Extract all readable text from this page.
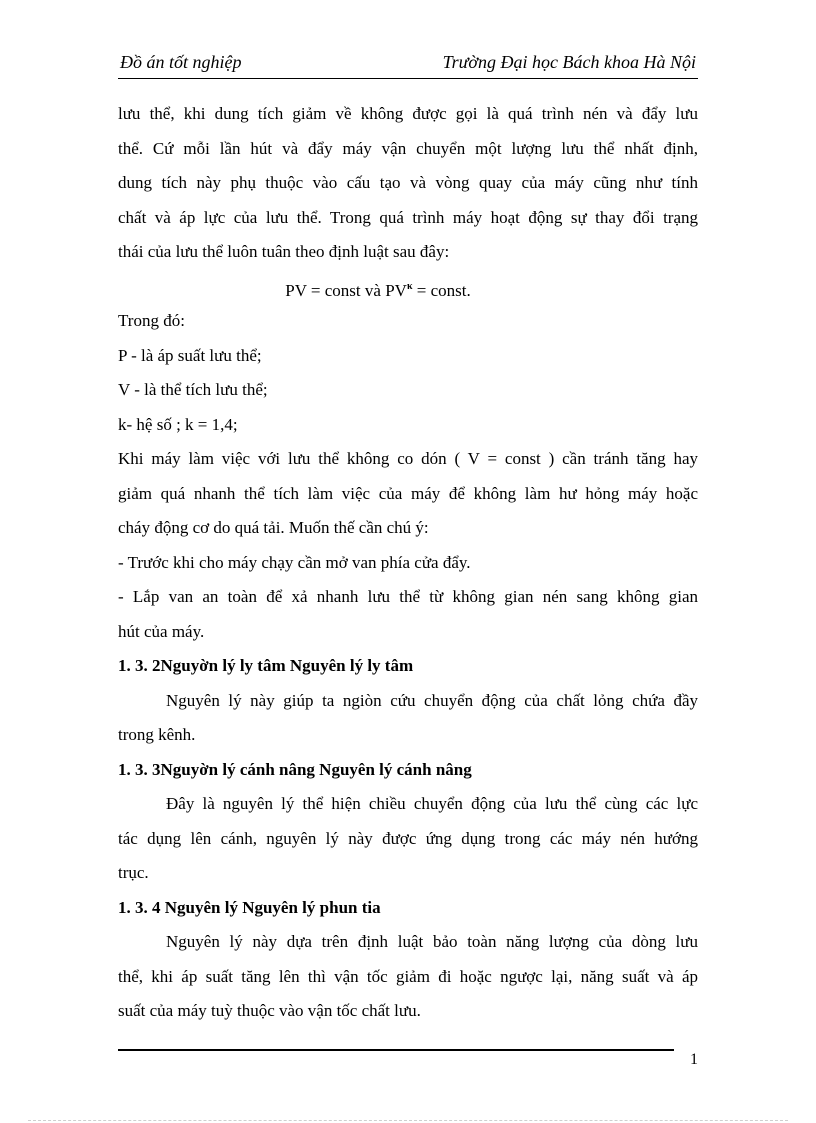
Đồ án tốt nghiệp	Trường Đại học Bách khoa Hà Nội
lưu thể, khi dung tích giảm về không được gọi là quá trình nén và đẩy lưu
thể. Cứ mỗi lần hút và đẩy máy vận chuyển một lượng lưu thể nhất định,
dung tích này phụ thuộc vào cấu tạo và vòng quay của máy cũng như tính
chất và áp lực của lưu thể. Trong quá trình máy hoạt động sự thay đổi trạng
thái của lưu thể luôn tuân theo định luật sau đây:
PV = const và $PV^\kappa$ = const.
Trong đó:
P - là áp suất lưu thể;
V - là thể tích lưu thể;
k- hệ số ; k = 1,4;
Khi máy làm việc với lưu thể không co dón ( V = const ) cần tránh tăng hay
giảm quá nhanh thể tích làm việc của máy để không làm hư hỏng máy hoặc
cháy động cơ do quá tải. Muốn thế cần chú ý:
- Trước khi cho máy chạy cần mở van phía cửa đẩy.
- Lắp van an toàn để xả nhanh lưu thể từ không gian nén sang không gian
hút của máy.
1. 3. 2Nguyờn lý ly tâm Nguyên lý ly tâm
Nguyên lý này giúp ta ngiòn cứu chuyển động của chất lỏng chứa đầy
trong kênh.
1. 3. 3Nguyờn lý cánh nâng Nguyên lý cánh nâng
Đây là nguyên lý thể hiện chiều chuyển động của lưu thể cùng các lực
tác dụng lên cánh, nguyên lý này được ứng dụng trong các máy nén hướng
trục.
1. 3. 4 Nguyên lý Nguyên lý phun tia
Nguyên lý này dựa trên định luật bảo toàn năng lượng của dòng lưu
thể, khi áp suất tăng lên thì vận tốc giảm đi hoặc ngược lại, năng suất và áp
suất của máy tuỳ thuộc vào vận tốc chất lưu.
1
